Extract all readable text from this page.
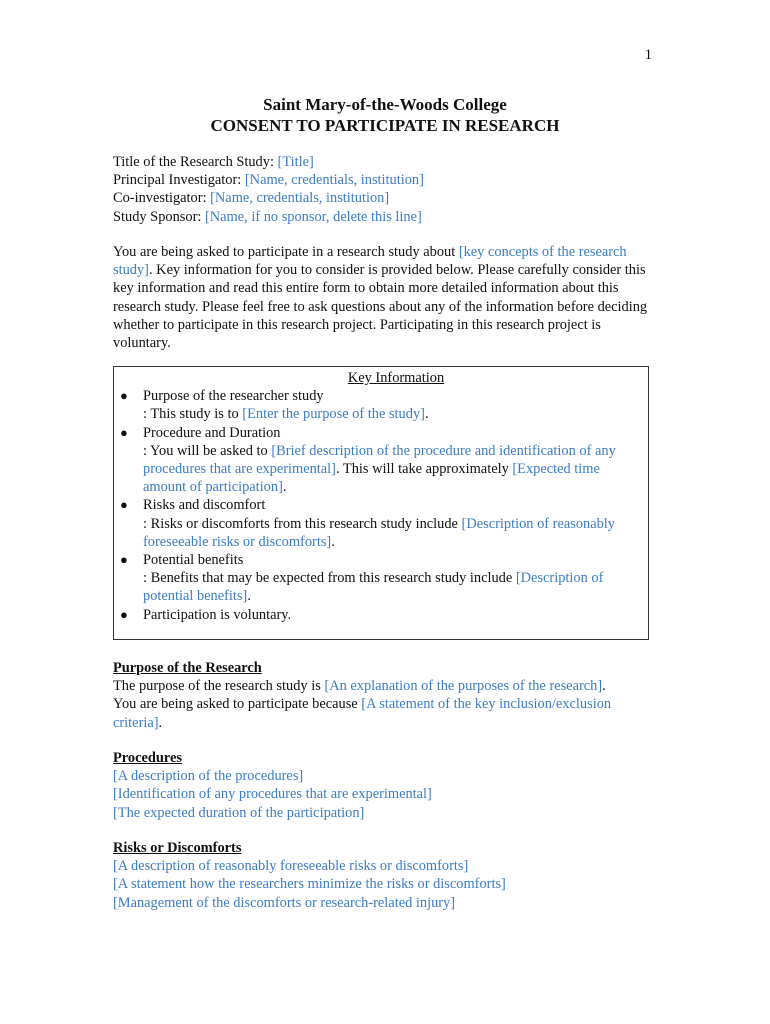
1
Saint Mary-of-the-Woods College
CONSENT TO PARTICIPATE IN RESEARCH
Title of the Research Study: [Title]
Principal Investigator: [Name, credentials, institution]
Co-investigator: [Name, credentials, institution]
Study Sponsor: [Name, if no sponsor, delete this line]
You are being asked to participate in a research study about [key concepts of the research study]. Key information for you to consider is provided below. Please carefully consider this key information and read this entire form to obtain more detailed information about this research study. Please feel free to ask questions about any of the information before deciding whether to participate in this research project. Participating in this research project is voluntary.
Key Information
● Purpose of the researcher study
: This study is to [Enter the purpose of the study].
● Procedure and Duration
: You will be asked to [Brief description of the procedure and identification of any procedures that are experimental]. This will take approximately [Expected time amount of participation].
● Risks and discomfort
: Risks or discomforts from this research study include [Description of reasonably foreseeable risks or discomforts].
● Potential benefits
: Benefits that may be expected from this research study include [Description of potential benefits].
● Participation is voluntary.
Purpose of the Research
The purpose of the research study is [An explanation of the purposes of the research].
You are being asked to participate because [A statement of the key inclusion/exclusion criteria].
Procedures
[A description of the procedures]
[Identification of any procedures that are experimental]
[The expected duration of the participation]
Risks or Discomforts
[A description of reasonably foreseeable risks or discomforts]
[A statement how the researchers minimize the risks or discomforts]
[Management of the discomforts or research-related injury]
